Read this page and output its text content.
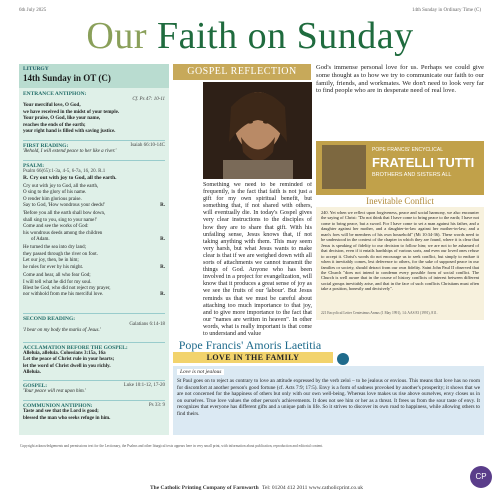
6th July 2025	14th Sunday in Ordinary Time (C)
Our Faith on Sunday
LITURGY
14th Sunday in OT (C)
ENTRANCE ANTIPHON:
Cf. Ps 47: 10-11
Your merciful love, O God,
we have received in the midst of your temple.
Your praise, O God, like your name,
reaches the ends of the earth;
your right hand is filled with saving justice.
FIRST READING:	Isaiah 66:10-14C
'Behold, I will extend peace to her like a river.'
PSALM:
Psalm 66(65):1-3a, 4-5, 6-7a, 16, 20. R.1
R. Cry out with joy to God, all the earth.
Cry out with joy to God, all the earth,
O sing to the glory of his name.
O render him glorious praise.
Say to God, 'How wondrous your deeds!'	R.
'Before you all the earth shall bow down,
shall sing to you, sing to your name!'
Come and see the works of God:
his wondrous deeds among the children
of Adam.	R.
He turned the sea into dry land;
they passed through the river on foot.
Let our joy, then, be in him;
he rules for ever by his might.	R.
Come and hear, all who fear God;
I will tell what he did for my soul.
Blest be God, who did not reject my prayer,
nor withhold from me his merciful love.	R.
SECOND READING:
Galatians 6:14-18
'I bear on my body the marks of Jesus.'
ACCLAMATION BEFORE THE GOSPEL:
Alleluia, alleluia. Colossians 3:15a, 16a
Let the peace of Christ rule in your hearts;
let the word of Christ dwell in you richly.
Alleluia.
GOSPEL:	Luke 10:1-12, 17-20
'Your peace will rest upon him.'
COMMUNION ANTIPHON:	Ps 33: 9
Taste and see that the Lord is good;
blessed the man who seeks refuge in him.
GOSPEL REFLECTION
Something we need to be reminded of frequently, is the fact that faith is not just a gift for my own spiritual benefit, but something that, if not shared with others, will eventually die. In today's Gospel gives very clear instructions to the disciples of how they are to share that gift. With his unfailing sense, Jesus knows that, if not taking anything with them. This may seem very harsh, but what Jesus wants to make clear is that if we are weighed down with all sorts of attachments we cannot transmit the things of God. Anyone who has been involved in a project for evangelization, will know that it produces a great sense of joy as we see the fruits of our 'labour'. But Jesus reminds us that we must be careful about attaching too much importance to that joy, and to give more importance to the fact that our "names are written in heaven". In other words, what is really important is that come to understand and value
God's immense personal love for us. Perhaps we could give some thought as to how we try to communicate our faith to our family, friends, and workmates. We don't need to look very far to find people who are in desperate need of real love.
POPE FRANCIS' ENCYCLICAL
FRATELLI TUTTI
BROTHERS AND SISTERS ALL
Inevitable Conflict
240. Yet when we reflect upon forgiveness, peace and social harmony, we also encounter the saying of Christ: "Do not think that I have come to bring peace to the earth; I have not come to bring peace, but a sword. For I have come to set a man against his father, and a daughter against her mother, and a daughter-in-law against her mother-in-law; and a man's foes will be members of his own household" (Mt 10:34-36). These words need to be understood in the context of the chapter in which they are found, where it is clear that Jesus is speaking of fidelity to our decision to follow him; we are not to be ashamed of that decision, even if it entails hardships of various sorts, and even our loved ones refuse to accept it. Christ's words do not encourage us to seek conflict, but simply to endure it when it inevitably comes, lest deference to others, for the sake of supposed peace in our families or society, should detract from our own fidelity. Saint John Paul II observed that the Church "does not intend to condemn every possible form of social conflict. The Church is well aware that in the course of history conflicts of interest between different social groups inevitably arise, and that in the face of such conflicts Christians must often take a position, honestly and decisively".
221 Encyclical Letter Centesimus Annus (1 May 1991), 14: AAS 83 (1991), 811.
Pope Francis' Amoris Laetitia
LOVE IN THE FAMILY
Love is not jealous
St Paul goes on to reject as contrary to love an attitude expressed by the verb zeloi – to be jealous or envious. This means that love has no room for discomfort at another person's good fortune (cf. Acts 7:9; 17:5). Envy is a form of sadness provoked by another's prosperity; it shows that we are not concerned for the happiness of others but only with our own well-being. Whereas love makes us rise above ourselves, envy closes us in on ourselves. True love values the other person's achievements. It does not see him or her as a threat. It frees us from the sour taste of envy. It recognizes that everyone has different gifts and a unique path in life. So it strives to discover its own road to happiness, while allowing others to find theirs.
Copyright acknowledgements and permissions text for the Lectionary, the Psalms and other liturgical texts appears here in very small print, with information about publication, reproduction and editorial content.
The Catholic Printing Company of Farnworth Tel: 01204 412 2011 www.catholicprint.co.uk
CP
